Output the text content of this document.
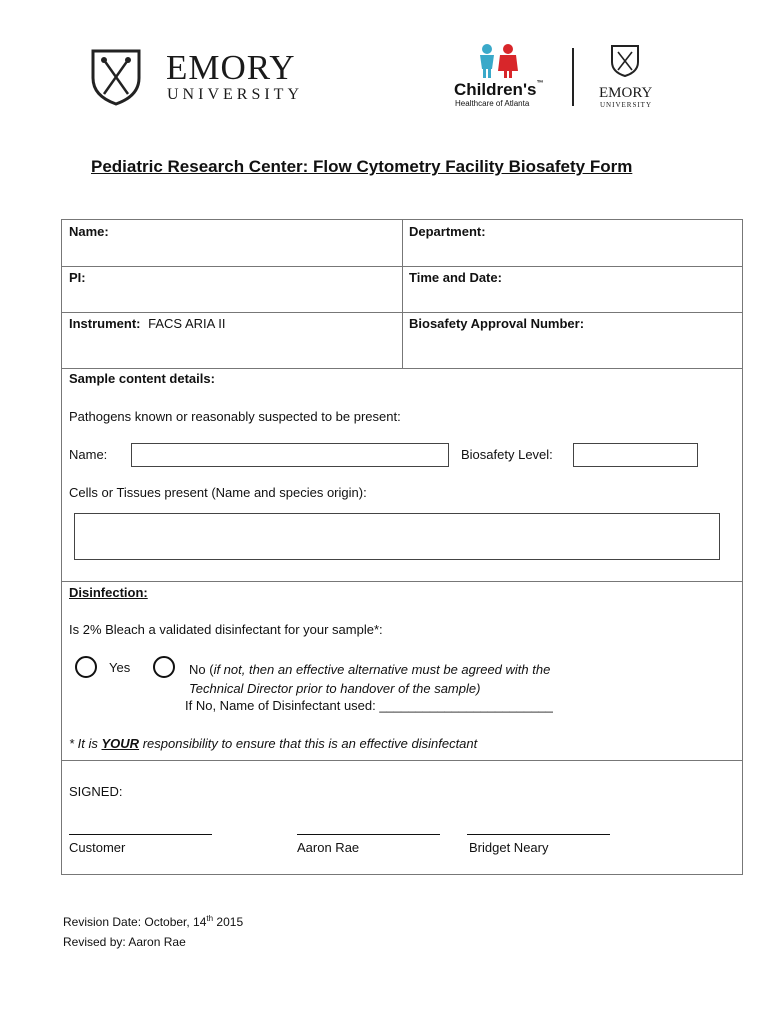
EMORY
UNIVERSITY	Children's™
Healthcare of Atlanta
EMORY
UNIVERSITY
Pediatric Research Center: Flow Cytometry Facility Biosafety Form
Name:	Department:
PI:	Time and Date:
Instrument: FACS ARIA II	Biosafety Approval Number:
Sample content details:
Pathogens known or reasonably suspected to be present:
Name:	Biosafety Level:
Cells or Tissues present (Name and species origin):
Disinfection:
Is 2% Bleach a validated disinfectant for your sample*:
Yes	No (if not, then an effective alternative must be agreed with the
Technical Director prior to handover of the sample)
If No, Name of Disinfectant used: ________________________
* It is YOUR responsibility to ensure that this is an effective disinfectant
SIGNED:
Customer	Aaron Rae	Bridget Neary
Revision Date: October, 14th 2015
Revised by: Aaron Rae
